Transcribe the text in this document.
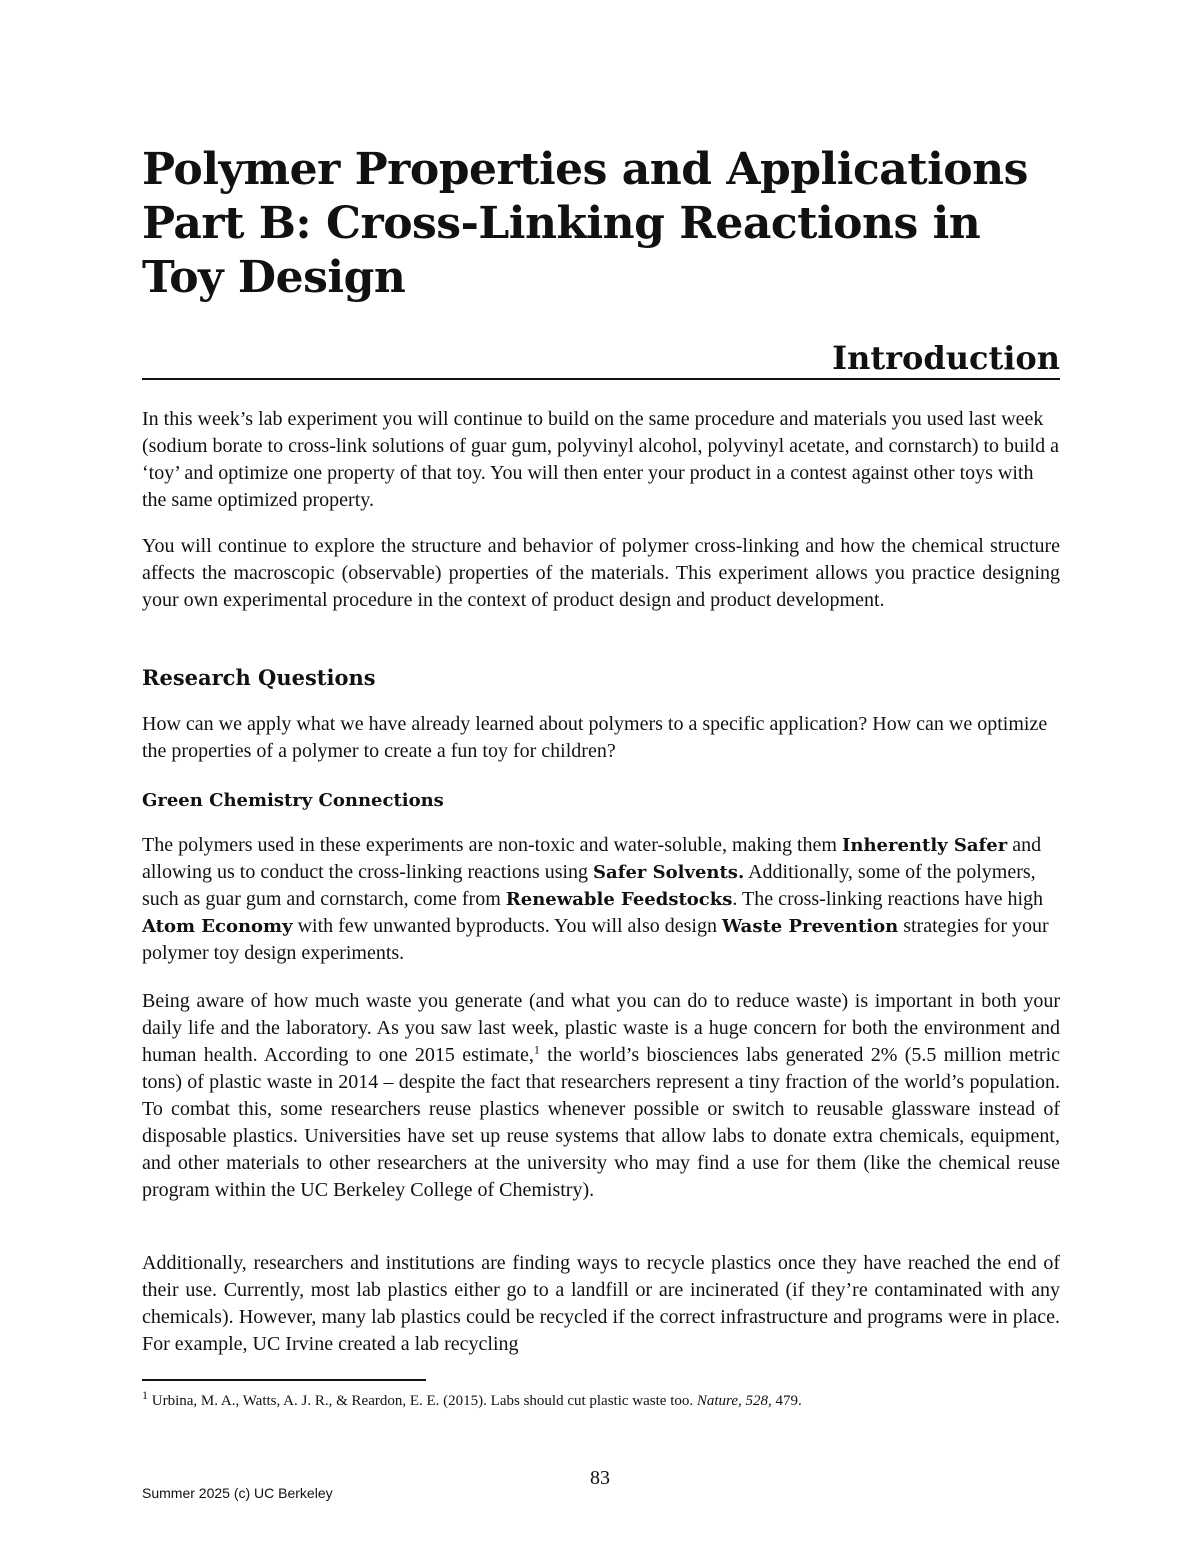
Polymer Properties and Applications
Part B: Cross-Linking Reactions in
Toy Design
Introduction

In this week’s lab experiment you will continue to build on the same procedure and materials you used last week (sodium borate to cross-link solutions of guar gum, polyvinyl alcohol, polyvinyl acetate, and cornstarch) to build a ‘toy’ and optimize one property of that toy. You will then enter your product in a contest against other toys with the same optimized property.

You will continue to explore the structure and behavior of polymer cross-linking and how the chemical structure affects the macroscopic (observable) properties of the materials. This experiment allows you practice designing your own experimental procedure in the context of product design and product development.

Research Questions

How can we apply what we have already learned about polymers to a specific application? How can we optimize the properties of a polymer to create a fun toy for children?

Green Chemistry Connections

The polymers used in these experiments are non-toxic and water-soluble, making them Inherently Safer and allowing us to conduct the cross-linking reactions using Safer Solvents. Additionally, some of the polymers, such as guar gum and cornstarch, come from Renewable Feedstocks. The cross-linking reactions have high Atom Economy with few unwanted byproducts. You will also design Waste Prevention strategies for your polymer toy design experiments.

Being aware of how much waste you generate (and what you can do to reduce waste) is important in both your daily life and the laboratory. As you saw last week, plastic waste is a huge concern for both the environment and human health. According to one 2015 estimate,$^1$ the world’s biosciences labs generated 2% (5.5 million metric tons) of plastic waste in 2014 – despite the fact that researchers represent a tiny fraction of the world’s population. To combat this, some researchers reuse plastics whenever possible or switch to reusable glassware instead of disposable plastics. Universities have set up reuse systems that allow labs to donate extra chemicals, equipment, and other materials to other researchers at the university who may find a use for them (like the chemical reuse program within the UC Berkeley College of Chemistry).

Additionally, researchers and institutions are finding ways to recycle plastics once they have reached the end of their use. Currently, most lab plastics either go to a landfill or are incinerated (if they’re contaminated with any chemicals). However, many lab plastics could be recycled if the correct infrastructure and programs were in place. For example, UC Irvine created a lab recycling

$^1$ Urbina, M. A., Watts, A. J. R., & Reardon, E. E. (2015). Labs should cut plastic waste too. Nature, 528, 479.

83
Summer 2025 (c) UC Berkeley
